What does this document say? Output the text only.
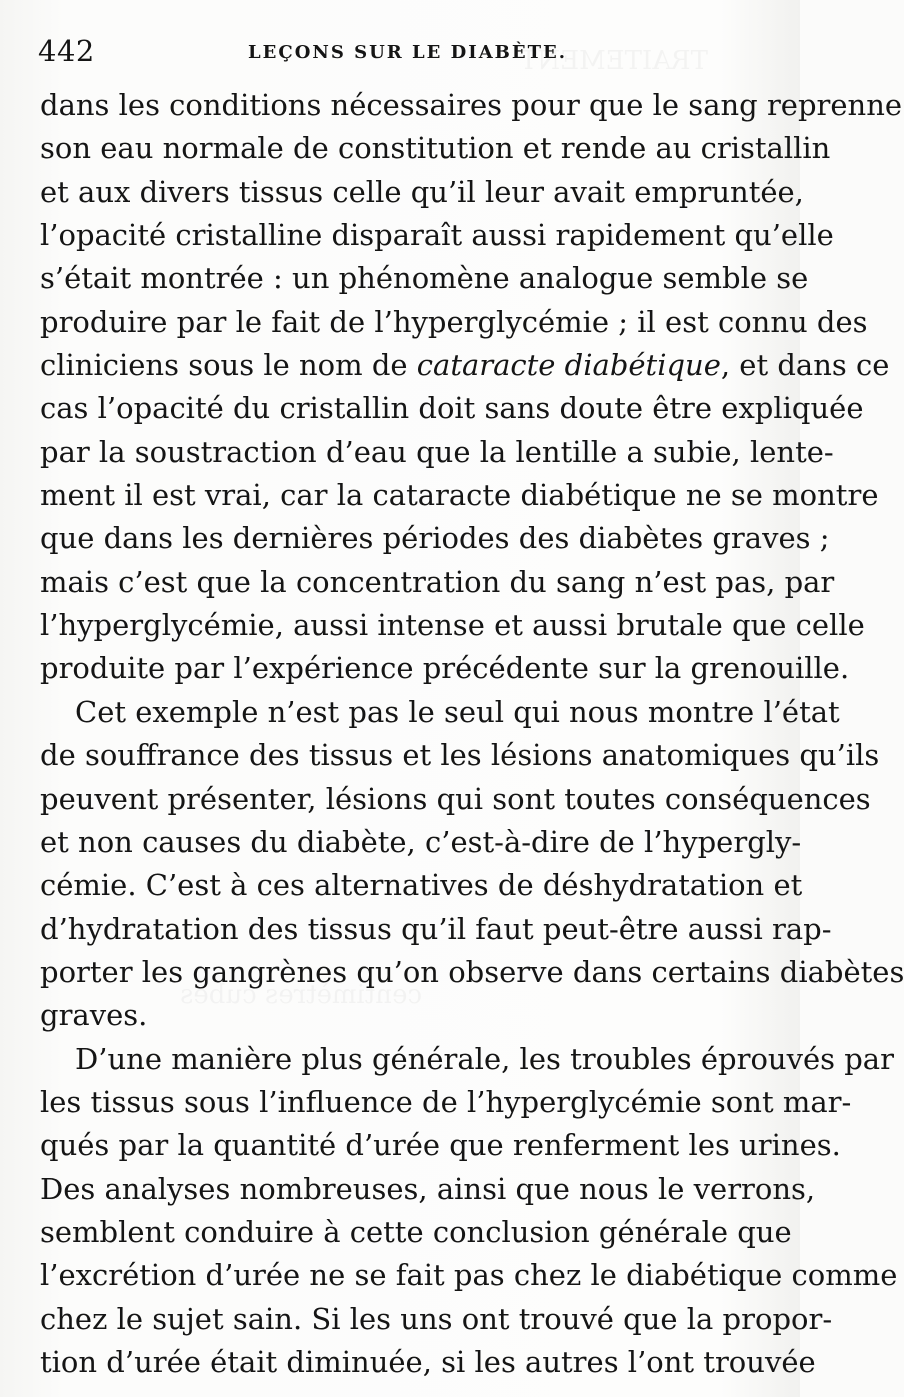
442	LEÇONS SUR LE DIABÈTE.
dans les conditions nécessaires pour que le sang reprenne
son eau normale de constitution et rende au cristallin
et aux divers tissus celle qu’il leur avait empruntée,
l’opacité cristalline disparaît aussi rapidement qu’elle
s’était montrée : un phénomène analogue semble se
produire par le fait de l’hyperglycémie ; il est connu des
cliniciens sous le nom de cataracte diabétique, et dans ce
cas l’opacité du cristallin doit sans doute être expliquée
par la soustraction d’eau que la lentille a subie, lente-
ment il est vrai, car la cataracte diabétique ne se montre
que dans les dernières périodes des diabètes graves ;
mais c’est que la concentration du sang n’est pas, par
l’hyperglycémie, aussi intense et aussi brutale que celle
produite par l’expérience précédente sur la grenouille.
Cet exemple n’est pas le seul qui nous montre l’état
de souffrance des tissus et les lésions anatomiques qu’ils
peuvent présenter, lésions qui sont toutes conséquences
et non causes du diabète, c’est-à-dire de l’hypergly-
cémie. C’est à ces alternatives de déshydratation et
d’hydratation des tissus qu’il faut peut-être aussi rap-
porter les gangrènes qu’on observe dans certains diabètes
graves.
D’une manière plus générale, les troubles éprouvés par
les tissus sous l’influence de l’hyperglycémie sont mar-
qués par la quantité d’urée que renferment les urines.
Des analyses nombreuses, ainsi que nous le verrons,
semblent conduire à cette conclusion générale que
l’excrétion d’urée ne se fait pas chez le diabétique comme
chez le sujet sain. Si les uns ont trouvé que la propor-
tion d’urée était diminuée, si les autres l’ont trouvée
